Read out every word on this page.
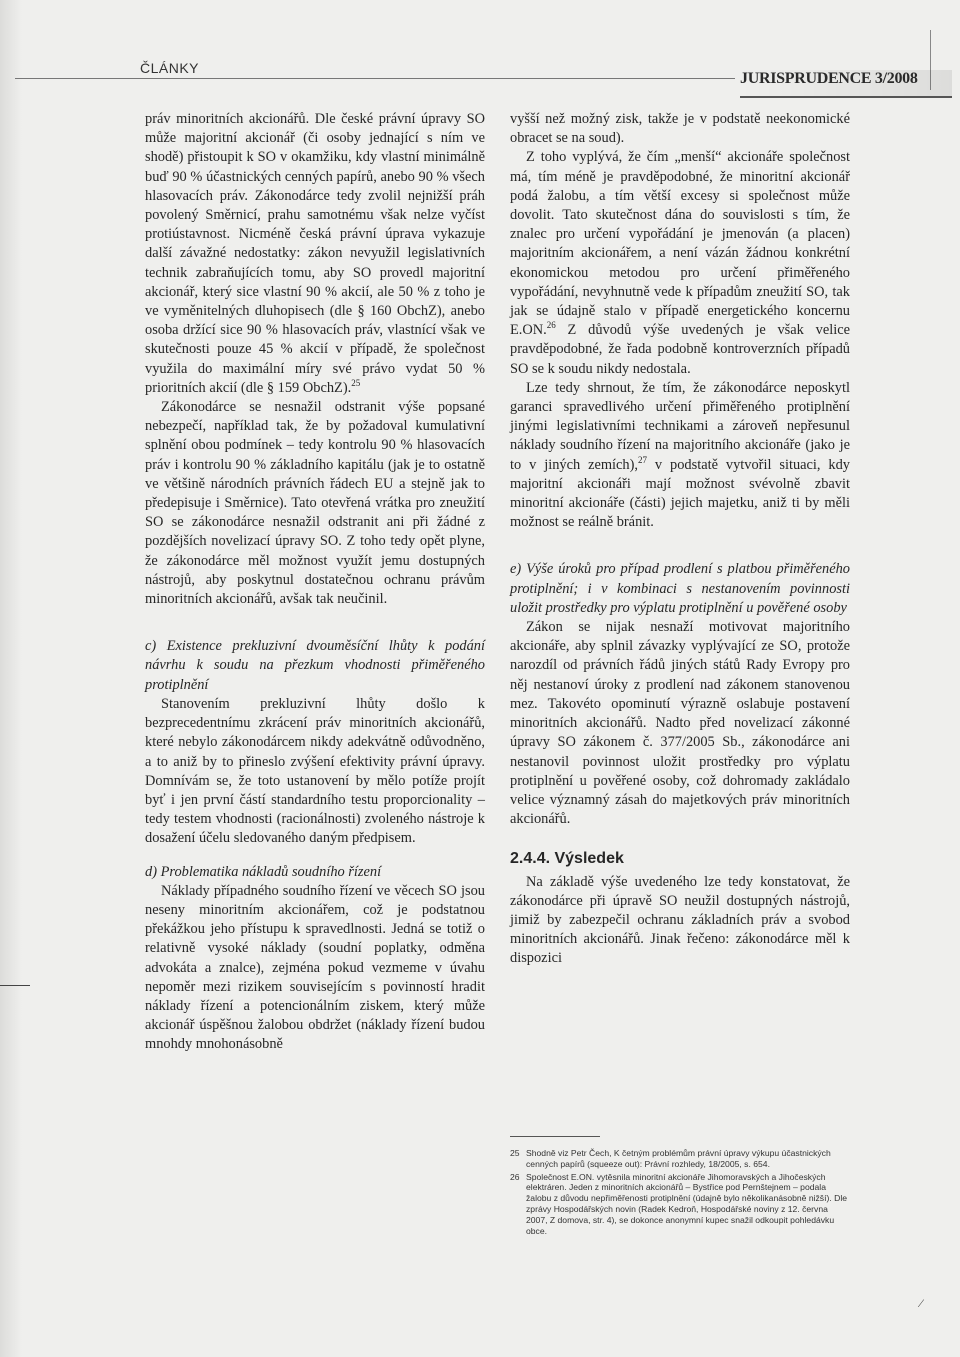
ČLÁNKY
JURISPRUDENCE 3/2008

práv minoritních akcionářů. Dle české právní úpravy SO může majoritní akcionář (či osoby jednající s ním ve shodě) přistoupit k SO v okamžiku, kdy vlastní minimálně buď 90 % účastnických cenných papírů, anebo 90 % všech hlasovacích práv. Zákonodárce tedy zvolil nejnižší práh povolený Směrnicí, prahu samotnému však nelze vyčíst protiústavnost. Nicméně česká právní úprava vykazuje další závažné nedostatky: zákon nevyužil legislativních technik zabraňujících tomu, aby SO provedl majoritní akcionář, který sice vlastní 90 % akcií, ale 50 % z toho je ve vyměnitelných dluhopisech (dle § 160 ObchZ), anebo osoba držící sice 90 % hlasovacích práv, vlastnící však ve skutečnosti pouze 45 % akcií v případě, že společnost využila do maximální míry své právo vydat 50 % prioritních akcií (dle § 159 ObchZ).$^{25}$

Zákonodárce se nesnažil odstranit výše popsané nebezpečí, například tak, že by požadoval kumulativní splnění obou podmínek – tedy kontrolu 90 % hlasovacích práv i kontrolu 90 % základního kapitálu (jak je to ostatně ve většině národních právních řádech EU a stejně jak to předepisuje i Směrnice). Tato otevřená vrátka pro zneužití SO se zákonodárce nesnažil odstranit ani při žádné z pozdějších novelizací úpravy SO. Z toho tedy opět plyne, že zákonodárce měl možnost využít jemu dostupných nástrojů, aby poskytnul dostatečnou ochranu právům minoritních akcionářů, avšak tak neučinil.

c) Existence prekluzivní dvouměsíční lhůty k podání návrhu k soudu na přezkum vhodnosti přiměřeného protiplnění

Stanovením prekluzivní lhůty došlo k bezprecedentnímu zkrácení práv minoritních akcionářů, které nebylo zákonodárcem nikdy adekvátně odůvodněno, a to aniž by to přineslo zvýšení efektivity právní úpravy. Domnívám se, že toto ustanovení by mělo potíže projít byť i jen první částí standardního testu proporcionality – tedy testem vhodnosti (racionálnosti) zvoleného nástroje k dosažení účelu sledovaného daným předpisem.

d) Problematika nákladů soudního řízení

Náklady případného soudního řízení ve věcech SO jsou neseny minoritním akcionářem, což je podstatnou překážkou jeho přístupu k spravedlnosti. Jedná se totiž o relativně vysoké náklady (soudní poplatky, odměna advokáta a znalce), zejména pokud vezmeme v úvahu nepoměr mezi rizikem souvisejícím s povinností hradit náklady řízení a potencionálním ziskem, který může akcionář úspěšnou žalobou obdržet (náklady řízení budou mnohdy mnohonásobně

vyšší než možný zisk, takže je v podstatě neekonomické obracet se na soud).

Z toho vyplývá, že čím „menší“ akcionáře společnost má, tím méně je pravděpodobné, že minoritní akcionář podá žalobu, a tím větší excesy si společnost může dovolit. Tato skutečnost dána do souvislosti s tím, že znalec pro určení vypořádání je jmenován (a placen) majoritním akcionářem, a není vázán žádnou konkrétní ekonomickou metodou pro určení přiměřeného vypořádání, nevyhnutně vede k případům zneužití SO, tak jak se údajně stalo v případě energetického koncernu E.ON.$^{26}$ Z důvodů výše uvedených je však velice pravděpodobné, že řada podobně kontroverzních případů SO se k soudu nikdy nedostala.

Lze tedy shrnout, že tím, že zákonodárce neposkytl garanci spravedlivého určení přiměřeného protiplnění jinými legislativními technikami a zároveň nepřesunul náklady soudního řízení na majoritního akcionáře (jako je to v jiných zemích),$^{27}$ v podstatě vytvořil situaci, kdy majoritní akcionáři mají možnost svévolně zbavit minoritní akcionáře (části) jejich majetku, aniž ti by měli možnost se reálně bránit.

e) Výše úroků pro případ prodlení s platbou přiměřeného protiplnění; i v kombinaci s nestanovením povinnosti uložit prostředky pro výplatu protiplnění u pověřené osoby

Zákon se nijak nesnaží motivovat majoritního akcionáře, aby splnil závazky vyplývající ze SO, protože narozdíl od právních řádů jiných států Rady Evropy pro něj nestanoví úroky z prodlení nad zákonem stanovenou mez. Takovéto opominutí výrazně oslabuje postavení minoritních akcionářů. Nadto před novelizací zákonné úpravy SO zákonem č. 377/2005 Sb., zákonodárce ani nestanovil povinnost uložit prostředky pro výplatu protiplnění u pověřené osoby, což dohromady zakládalo velice významný zásah do majetkových práv minoritních akcionářů.

2.4.4. Výsledek

Na základě výše uvedeného lze tedy konstatovat, že zákonodárce při úpravě SO neužil dostupných nástrojů, jimiž by zabezpečil ochranu základních práv a svobod minoritních akcionářů. Jinak řečeno: zákonodárce měl k dispozici

25 Shodně viz Petr Čech, K četným problémům právní úpravy výkupu účastnických cenných papírů (squeeze out): Právní rozhledy, 18/2005, s. 654.
26 Společnost E.ON. vytěsnila minoritní akcionáře Jihomoravských a Jihočeských elektráren. Jeden z minoritních akcionářů – Bystřice pod Pernštejnem – podala žalobu z důvodu nepřiměřenosti protiplnění (údajně bylo několikanásobně nižší). Dle zprávy Hospodářských novin (Radek Kedroň, Hospodářské noviny z 12. června 2007, Z domova, str. 4), se dokonce anonymní kupec snažil odkoupit pohledávku obce.
⁄
